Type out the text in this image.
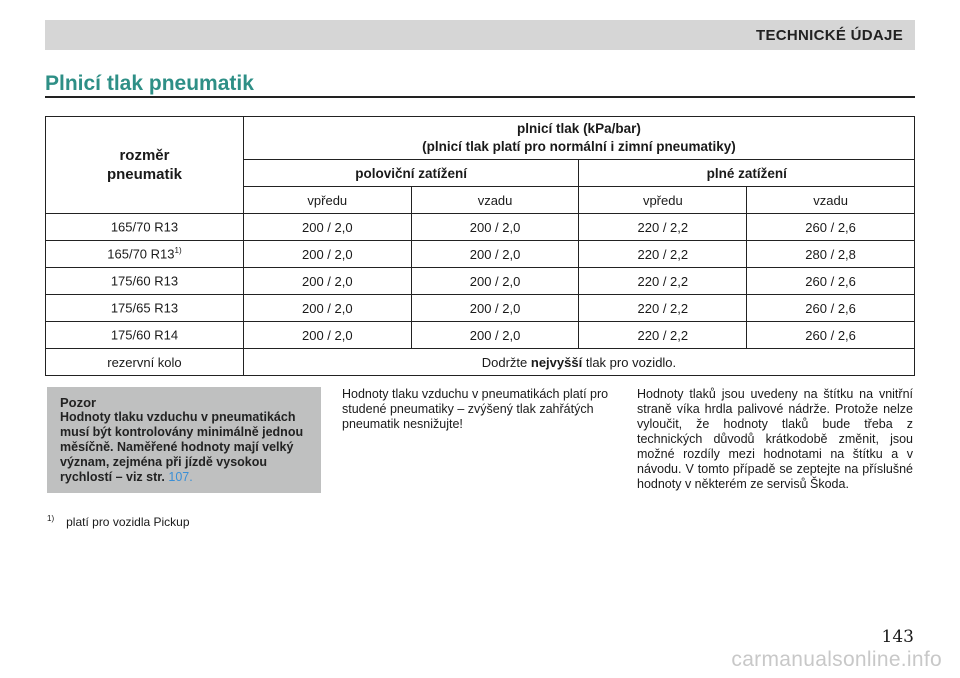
TECHNICKÉ ÚDAJE
Plnicí tlak pneumatik
rozměr
pneumatik	plnicí tlak (kPa/bar)
(plnicí tlak platí pro normální i zimní pneumatiky)			
	poloviční zatížení		plné zatížení	
	vpředu	vzadu	vpředu	vzadu
165/70 R13	200 / 2,0	200 / 2,0	220 / 2,2	260 / 2,6
165/70 R13$^{1)}$	200 / 2,0	200 / 2,0	220 / 2,2	280 / 2,8
175/60 R13	200 / 2,0	200 / 2,0	220 / 2,2	260 / 2,6
175/65 R13	200 / 2,0	200 / 2,0	220 / 2,2	260 / 2,6
175/60 R14	200 / 2,0	200 / 2,0	220 / 2,2	260 / 2,6
rezervní kolo	Dodržte nejvyšší tlak pro vozidlo.			
Pozor
Hodnoty tlaku vzduchu v pneumatikách musí být kontrolovány minimálně jednou měsíčně. Naměřené hodnoty mají velký význam, zejména při jízdě vysokou rychlostí – viz str. 107.
Hodnoty tlaku vzduchu v pneumatikách platí pro studené pneumatiky – zvýšený tlak zahřátých pneumatik nesnižujte!
Hodnoty tlaků jsou uvedeny na štítku na vnitřní straně víka hrdla palivové nádrže. Protože nelze vyloučit, že hodnoty tlaků bude třeba z technických důvodů krátkodobě změnit, jsou možné rozdíly mezi hodnotami na štítku a v návodu. V tomto případě se zeptejte na příslušné hodnoty v některém ze servisů Škoda.
$^{1)}$ platí pro vozidla Pickup
143
carmanualsonline.info
